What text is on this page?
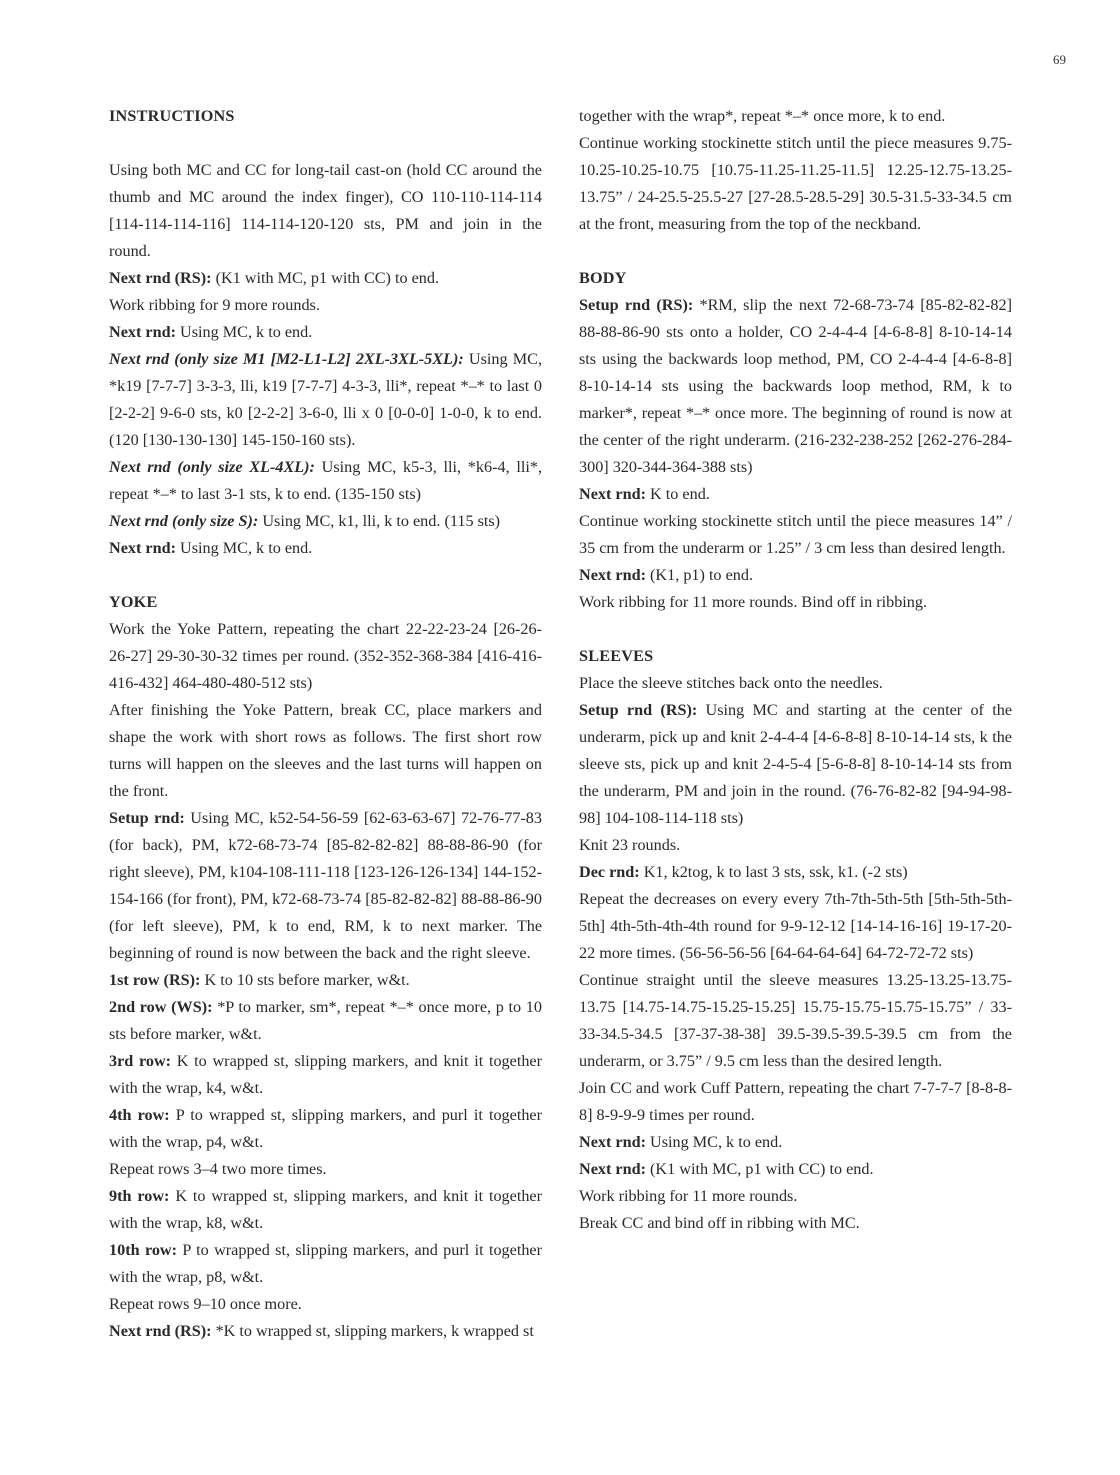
69

INSTRUCTIONS

Using both MC and CC for long-tail cast-on (hold CC around the thumb and MC around the index finger), CO 110-110-114-114 [114-114-114-116] 114-114-120-120 sts, PM and join in the round.

Next rnd (RS): (K1 with MC, p1 with CC) to end.

Work ribbing for 9 more rounds.

Next rnd: Using MC, k to end.

Next rnd (only size M1 [M2-L1-L2] 2XL-3XL-5XL): Using MC, *k19 [7-7-7] 3-3-3, lli, k19 [7-7-7] 4-3-3, lli*, repeat *–* to last 0 [2-2-2] 9-6-0 sts, k0 [2-2-2] 3-6-0, lli x 0 [0-0-0] 1-0-0, k to end. (120 [130-130-130] 145-150-160 sts).

Next rnd (only size XL-4XL): Using MC, k5-3, lli, *k6-4, lli*, repeat *–* to last 3-1 sts, k to end. (135-150 sts)

Next rnd (only size S): Using MC, k1, lli, k to end. (115 sts)

Next rnd: Using MC, k to end.

YOKE

Work the Yoke Pattern, repeating the chart 22-22-23-24 [26-26-26-27] 29-30-30-32 times per round. (352-352-368-384 [416-416-416-432] 464-480-480-512 sts)

After finishing the Yoke Pattern, break CC, place markers and shape the work with short rows as follows. The first short row turns will happen on the sleeves and the last turns will happen on the front.

Setup rnd: Using MC, k52-54-56-59 [62-63-63-67] 72-76-77-83 (for back), PM, k72-68-73-74 [85-82-82-82] 88-88-86-90 (for right sleeve), PM, k104-108-111-118 [123-126-126-134] 144-152-154-166 (for front), PM, k72-68-73-74 [85-82-82-82] 88-88-86-90 (for left sleeve), PM, k to end, RM, k to next marker. The beginning of round is now between the back and the right sleeve.

1st row (RS): K to 10 sts before marker, w&t.

2nd row (WS): *P to marker, sm*, repeat *–* once more, p to 10 sts before marker, w&t.

3rd row: K to wrapped st, slipping markers, and knit it together with the wrap, k4, w&t.

4th row: P to wrapped st, slipping markers, and purl it together with the wrap, p4, w&t.

Repeat rows 3–4 two more times.

9th row: K to wrapped st, slipping markers, and knit it together with the wrap, k8, w&t.

10th row: P to wrapped st, slipping markers, and purl it together with the wrap, p8, w&t.

Repeat rows 9–10 once more.

Next rnd (RS): *K to wrapped st, slipping markers, k wrapped st

together with the wrap*, repeat *–* once more, k to end.

Continue working stockinette stitch until the piece measures 9.75-10.25-10.25-10.75 [10.75-11.25-11.25-11.5] 12.25-12.75-13.25-13.75” / 24-25.5-25.5-27 [27-28.5-28.5-29] 30.5-31.5-33-34.5 cm at the front, measuring from the top of the neckband.

BODY

Setup rnd (RS): *RM, slip the next 72-68-73-74 [85-82-82-82] 88-88-86-90 sts onto a holder, CO 2-4-4-4 [4-6-8-8] 8-10-14-14 sts using the backwards loop method, PM, CO 2-4-4-4 [4-6-8-8] 8-10-14-14 sts using the backwards loop method, RM, k to marker*, repeat *–* once more. The beginning of round is now at the center of the right underarm. (216-232-238-252 [262-276-284-300] 320-344-364-388 sts)

Next rnd: K to end.

Continue working stockinette stitch until the piece measures 14” / 35 cm from the underarm or 1.25” / 3 cm less than desired length.

Next rnd: (K1, p1) to end.

Work ribbing for 11 more rounds. Bind off in ribbing.

SLEEVES

Place the sleeve stitches back onto the needles.

Setup rnd (RS): Using MC and starting at the center of the underarm, pick up and knit 2-4-4-4 [4-6-8-8] 8-10-14-14 sts, k the sleeve sts, pick up and knit 2-4-5-4 [5-6-8-8] 8-10-14-14 sts from the underarm, PM and join in the round. (76-76-82-82 [94-94-98-98] 104-108-114-118 sts)

Knit 23 rounds.

Dec rnd: K1, k2tog, k to last 3 sts, ssk, k1. (-2 sts)

Repeat the decreases on every every 7th-7th-5th-5th [5th-5th-5th-5th] 4th-5th-4th-4th round for 9-9-12-12 [14-14-16-16] 19-17-20-22 more times. (56-56-56-56 [64-64-64-64] 64-72-72-72 sts)

Continue straight until the sleeve measures 13.25-13.25-13.75-13.75 [14.75-14.75-15.25-15.25] 15.75-15.75-15.75-15.75” / 33-33-34.5-34.5 [37-37-38-38] 39.5-39.5-39.5-39.5 cm from the underarm, or 3.75” / 9.5 cm less than the desired length.

Join CC and work Cuff Pattern, repeating the chart 7-7-7-7 [8-8-8-8] 8-9-9-9 times per round.

Next rnd: Using MC, k to end.

Next rnd: (K1 with MC, p1 with CC) to end.

Work ribbing for 11 more rounds.

Break CC and bind off in ribbing with MC.
